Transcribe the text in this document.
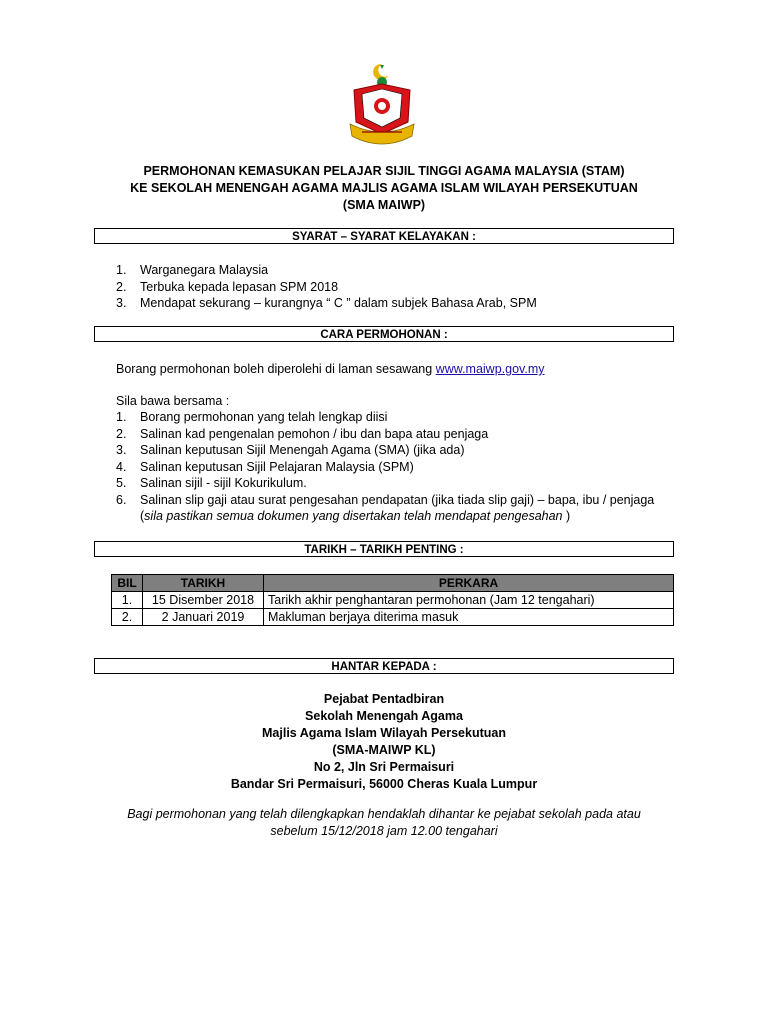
PERMOHONAN KEMASUKAN PELAJAR SIJIL TINGGI AGAMA MALAYSIA (STAM)
KE SEKOLAH MENENGAH AGAMA MAJLIS AGAMA ISLAM WILAYAH PERSEKUTUAN
(SMA MAIWP)
SYARAT – SYARAT KELAYAKAN :
1.	Warganegara Malaysia
2.	Terbuka kepada lepasan SPM 2018
3.	Mendapat sekurang – kurangnya “ C ” dalam subjek Bahasa Arab, SPM
CARA PERMOHONAN :
Borang permohonan boleh diperolehi di laman sesawang www.maiwp.gov.my
Sila bawa bersama :
1.	Borang permohonan yang telah lengkap diisi
2.	Salinan kad pengenalan pemohon / ibu dan bapa atau penjaga
3.	Salinan keputusan Sijil Menengah Agama (SMA) (jika ada)
4.	Salinan keputusan Sijil Pelajaran Malaysia (SPM)
5.	Salinan sijil - sijil Kokurikulum.
6.	Salinan slip gaji atau surat pengesahan pendapatan (jika tiada slip gaji) – bapa, ibu / penjaga
(sila pastikan semua dokumen yang disertakan telah mendapat pengesahan )
TARIKH – TARIKH PENTING :
BIL	TARIKH	PERKARA
1.	15 Disember 2018	Tarikh akhir penghantaran permohonan (Jam 12 tengahari)
2.	2 Januari 2019	Makluman berjaya diterima masuk
HANTAR KEPADA :
Pejabat Pentadbiran
Sekolah Menengah Agama
Majlis Agama Islam Wilayah Persekutuan
(SMA-MAIWP KL)
No 2, Jln Sri Permaisuri
Bandar Sri Permaisuri, 56000 Cheras Kuala Lumpur
Bagi permohonan yang telah dilengkapkan hendaklah dihantar ke pejabat sekolah pada atau
sebelum 15/12/2018 jam 12.00 tengahari
